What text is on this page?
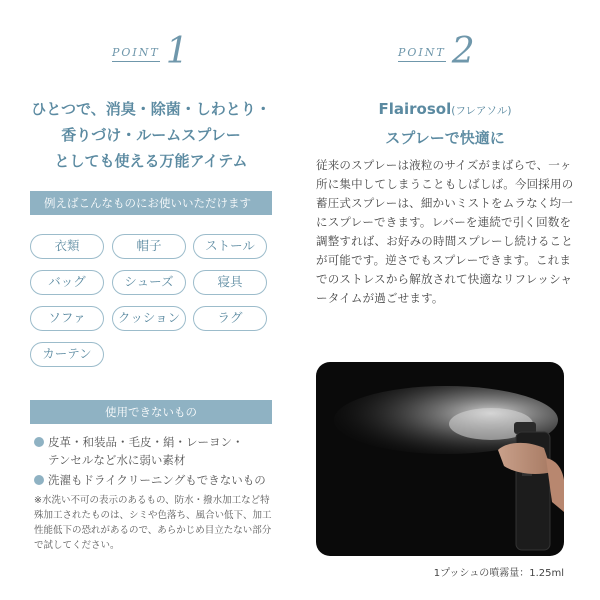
POINT 1
ひとつで、消臭・除菌・しわとり・
香りづけ・ルームスプレー
としても使える万能アイテム
例えばこんなものにお使いいただけます
衣類	帽子	ストール
バッグ	シューズ	寝具
ソファ	クッション	ラグ
カーテン
使用できないもの
皮革・和装品・毛皮・絹・レーヨン・
テンセルなど水に弱い素材
洗濯もドライクリーニングもできないもの
※水洗い不可の表示のあるもの、防水・撥水加工など特殊加工されたものは、シミや色落ち、風合い低下、加工性能低下の恐れがあるので、あらかじめ目立たない部分で試してください。
POINT 2
Flairosol(フレアソル)
スプレーで快適に
従来のスプレーは液粒のサイズがまばらで、一ヶ所に集中してしまうこともしばしば。今回採用の蓄圧式スプレーは、細かいミストをムラなく均一にスプレーできます。レバーを連続で引く回数を調整すれば、お好みの時間スプレーし続けることが可能です。逆さでもスプレーできます。これまでのストレスから解放されて快適なリフレッシャータイムが過ごせます。
1プッシュの噴霧量：1.25ml
